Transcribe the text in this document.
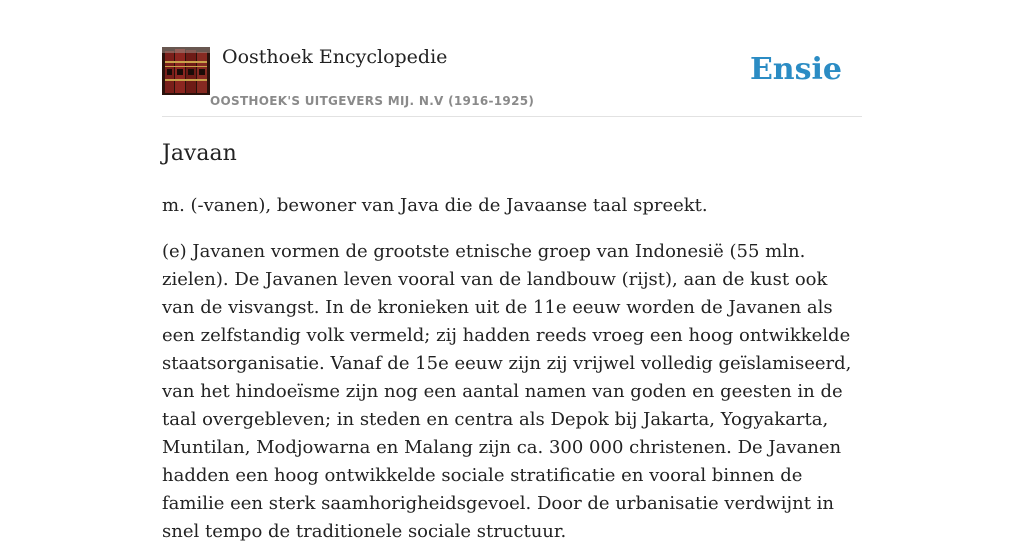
Oosthoek Encyclopedie
OOSTHOEK'S UITGEVERS MIJ. N.V (1916-1925)
Ensie
Javaan

m. (-vanen), bewoner van Java die de Javaanse taal spreekt.

(e) Javanen vormen de grootste etnische groep van Indonesië (55 mln. zielen). De Javanen leven vooral van de landbouw (rijst), aan de kust ook van de visvangst. In de kronieken uit de 11e eeuw worden de Javanen als een zelfstandig volk vermeld; zij hadden reeds vroeg een hoog ontwikkelde staatsorganisatie. Vanaf de 15e eeuw zijn zij vrijwel volledig geïslamiseerd, van het hindoeïsme zijn nog een aantal namen van goden en geesten in de taal overgebleven; in steden en centra als Depok bij Jakarta, Yogyakarta, Muntilan, Modjowarna en Malang zijn ca. 300 000 christenen. De Javanen hadden een hoog ontwikkelde sociale stratificatie en vooral binnen de familie een sterk saamhorigheidsgevoel. Door de urbanisatie verdwijnt in snel tempo de traditionele sociale structuur.
